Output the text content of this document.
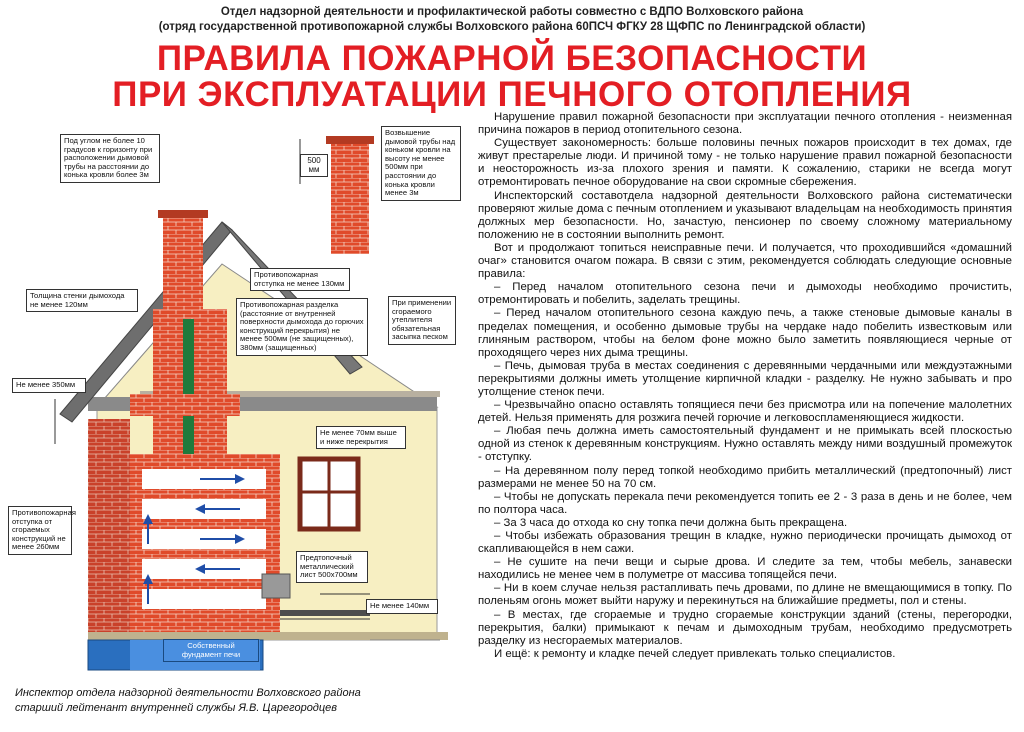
Отдел надзорной деятельности и профилактической работы совместно с ВДПО Волховского района
(отряд государственной противопожарной службы Волховского района 60ПСЧ ФГКУ 28 ЩФПС по Ленинградской области)
ПРАВИЛА ПОЖАРНОЙ БЕЗОПАСНОСТИ
ПРИ ЭКСПЛУАТАЦИИ ПЕЧНОГО ОТОПЛЕНИЯ
Под углом не более 10 градусов к горизонту при расположении дымовой трубы на расстоянии до конька кровли более 3м
500 мм
Возвышение дымовой трубы над коньком кровли на высоту не менее 500мм при расстоянии до конька кровли менее 3м
Противопожарная отступка не менее 130мм
Толщина стенки дымохода не менее 120мм	Противопожарная разделка (расстояние от внутренней поверхности дымохода до горючих конструкций перекрытия) не менее 500мм (не защищенных), 380мм (защищенных)
При применении сгораемого утеплителя обязательная засыпка песком
Не менее 350мм
Не менее 70мм выше и ниже перекрытия
Противопожарная отступка от сгораемых конструкций не менее 260мм
Предтопочный металлический лист 500х700мм
Не менее 140мм
Собственный фундамент печи

Нарушение правил пожарной безопасности при эксплуатации печного отопления - неизменная причина пожаров в период отопительного сезона.

Существует закономерность: больше половины печных пожаров происходит в тех домах, где живут престарелые люди. И причиной тому - не только нарушение правил пожарной безопасности и неосторожность из-за плохого зрения и памяти. К сожалению, старики не всегда могут отремонтировать печное оборудование на свои скромные сбережения.

Инспекторский составотдела надзорной деятельности Волховского района систематически проверяют жилые дома с печным отоплением и указывают владельцам на необходимость принятия должных мер безопасности. Но, зачастую, пенсионер по своему сложному материальному положению не в состоянии выполнить ремонт.

Вот и продолжают топиться неисправные печи. И получается, что проходившийся «домашний очаг» становится очагом пожара. В связи с этим, рекомендуется соблюдать следующие основные правила:

– Перед началом отопительного сезона печи и дымоходы необходимо прочистить, отремонтировать и побелить, заделать трещины.

– Перед началом отопительного сезона каждую печь, а также стеновые дымовые каналы в пределах помещения, и особенно дымовые трубы на чердаке надо побелить известковым или глиняным раствором, чтобы на белом фоне можно было заметить появляющиеся черные от проходящего через них дыма трещины.

– Печь, дымовая труба в местах соединения с деревянными чердачными или междуэтажными перекрытиями должны иметь утолщение кирпичной кладки - разделку. Не нужно забывать и про утолщение стенок печи.

– Чрезвычайно опасно оставлять топящиеся печи без присмотра или на попечение малолетних детей. Нельзя применять для розжига печей горючие и легковоспламеняющиеся жидкости.

– Любая печь должна иметь самостоятельный фундамент и не примыкать всей плоскостью одной из стенок к деревянным конструкциям. Нужно оставлять между ними воздушный промежуток - отступку.

– На деревянном полу перед топкой необходимо прибить металлический (предтопочный) лист размерами не менее 50 на 70 см.

– Чтобы не допускать перекала печи рекомендуется топить ее 2 - 3 раза в день и не более, чем по полтора часа.

– За 3 часа до отхода ко сну топка печи должна быть прекращена.

– Чтобы избежать образования трещин в кладке, нужно периодически прочищать дымоход от скапливающейся в нем сажи.

– Не сушите на печи вещи и сырые дрова. И следите за тем, чтобы мебель, занавески находились не менее чем в полуметре от массива топящейся печи.

– Ни в коем случае нельзя растапливать печь дровами, по длине не вмещающимися в топку. По поленьям огонь может выйти наружу и перекинуться на ближайшие предметы, пол и стены.

– В местах, где сгораемые и трудно сгораемые конструкции зданий (стены, перегородки, перекрытия, балки) примыкают к печам и дымоходным трубам, необходимо предусмотреть разделку из несгораемых материалов.

И ещё: к ремонту и кладке печей следует привлекать только специалистов.

Инспектор отдела надзорной деятельности Волховского района
старший лейтенант внутренней службы Я.В. Царегородцев
